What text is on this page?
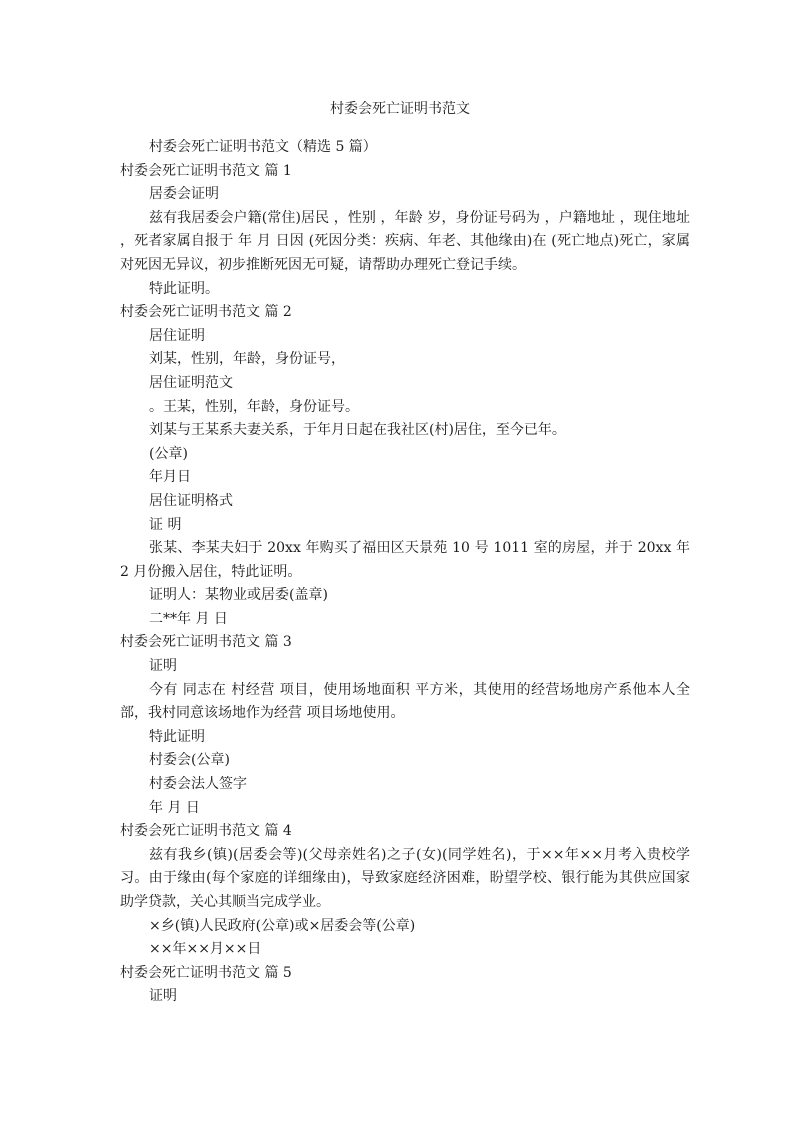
村委会死亡证明书范文

村委会死亡证明书范文（精选 5 篇）

村委会死亡证明书范文 篇 1

居委会证明

兹有我居委会户籍(常住)居民 ，性别 ，年龄 岁，身份证号码为 ，户籍地址 ，现住地址 ，死者家属自报于 年 月 日因 (死因分类：疾病、年老、其他缘由)在 (死亡地点)死亡，家属对死因无异议，初步推断死因无可疑，请帮助办理死亡登记手续。

特此证明。

村委会死亡证明书范文 篇 2

居住证明

刘某，性别，年龄，身份证号，

居住证明范文

。王某，性别，年龄，身份证号。

刘某与王某系夫妻关系，于年月日起在我社区(村)居住，至今已年。

(公章)

年月日

居住证明格式

证 明

张某、李某夫妇于 20xx 年购买了福田区天景苑 10 号 1011 室的房屋，并于 20xx 年 2 月份搬入居住，特此证明。

证明人：某物业或居委(盖章)

二**年 月 日

村委会死亡证明书范文 篇 3

证明

今有 同志在 村经营 项目，使用场地面积 平方米，其使用的经营场地房产系他本人全部，我村同意该场地作为经营 项目场地使用。

特此证明

村委会(公章)

村委会法人签字

年 月 日

村委会死亡证明书范文 篇 4

兹有我乡(镇)(居委会等)(父母亲姓名)之子(女)(同学姓名)，于××年××月考入贵校学习。由于缘由(每个家庭的详细缘由)，导致家庭经济困难，盼望学校、银行能为其供应国家助学贷款，关心其顺当完成学业。

×乡(镇)人民政府(公章)或×居委会等(公章)

××年××月××日

村委会死亡证明书范文 篇 5

证明
